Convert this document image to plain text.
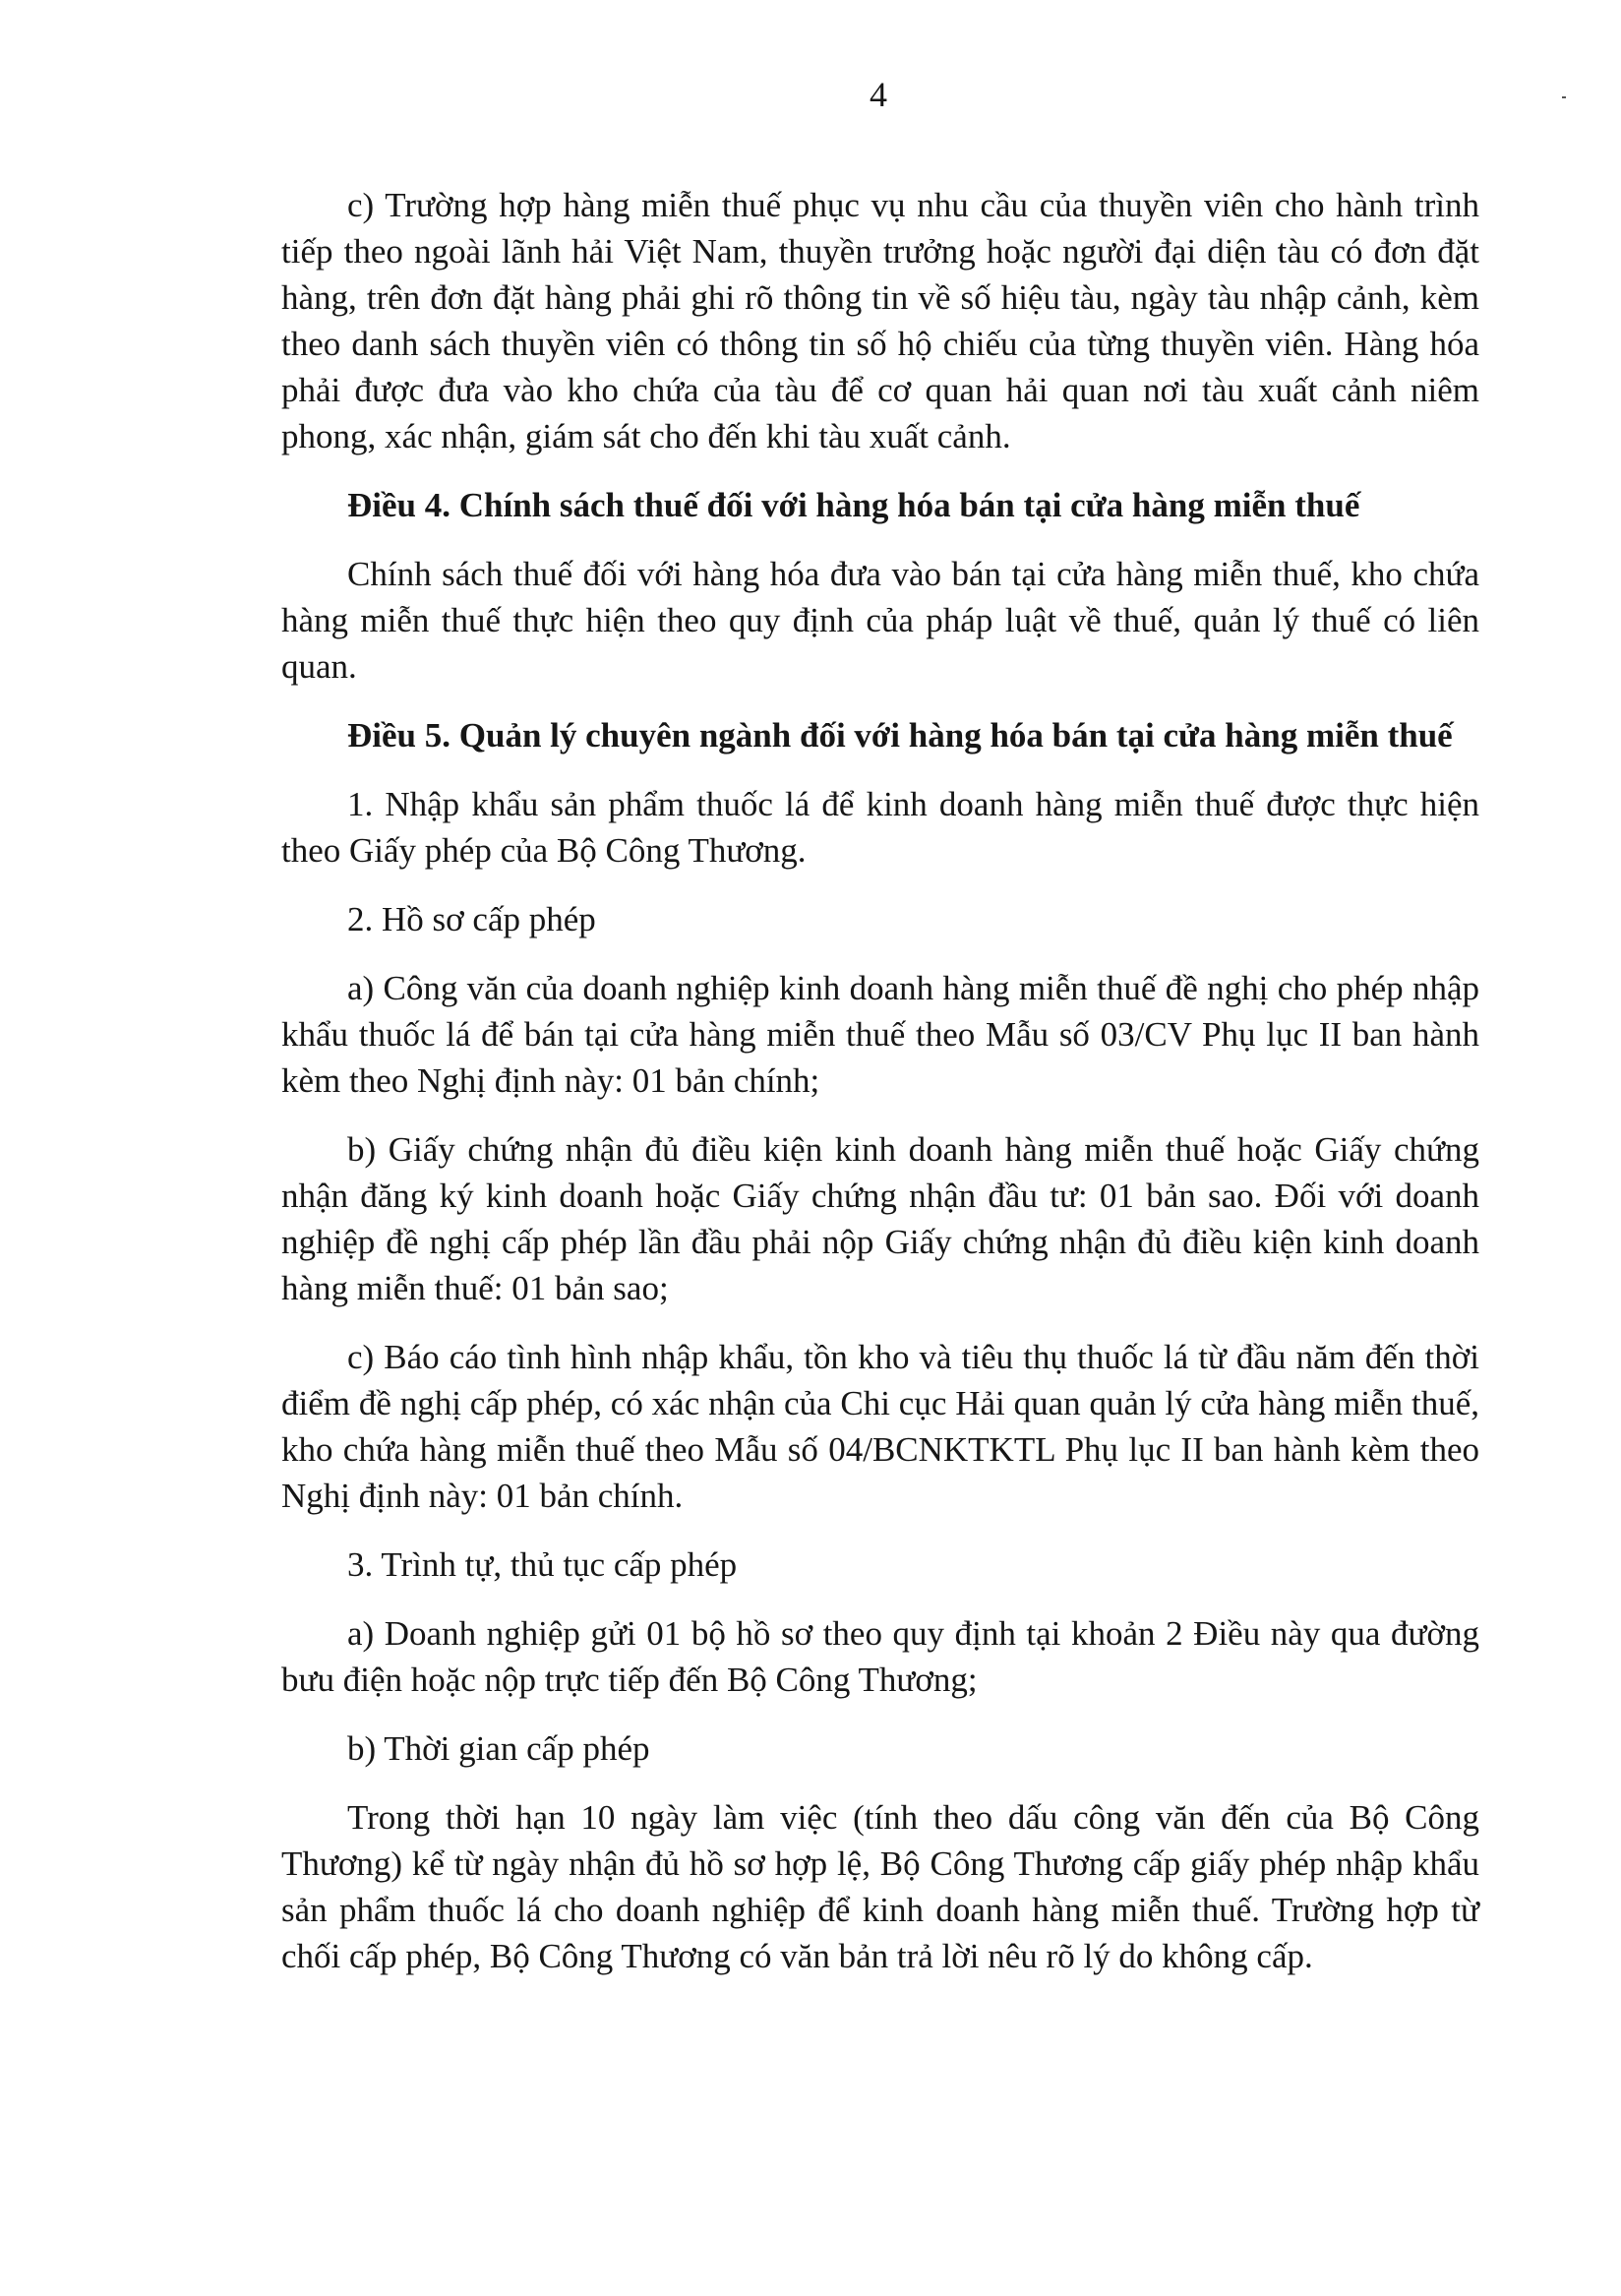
4

c) Trường hợp hàng miễn thuế phục vụ nhu cầu của thuyền viên cho hành trình tiếp theo ngoài lãnh hải Việt Nam, thuyền trưởng hoặc người đại diện tàu có đơn đặt hàng, trên đơn đặt hàng phải ghi rõ thông tin về số hiệu tàu, ngày tàu nhập cảnh, kèm theo danh sách thuyền viên có thông tin số hộ chiếu của từng thuyền viên. Hàng hóa phải được đưa vào kho chứa của tàu để cơ quan hải quan nơi tàu xuất cảnh niêm phong, xác nhận, giám sát cho đến khi tàu xuất cảnh.

Điều 4. Chính sách thuế đối với hàng hóa bán tại cửa hàng miễn thuế

Chính sách thuế đối với hàng hóa đưa vào bán tại cửa hàng miễn thuế, kho chứa hàng miễn thuế thực hiện theo quy định của pháp luật về thuế, quản lý thuế có liên quan.

Điều 5. Quản lý chuyên ngành đối với hàng hóa bán tại cửa hàng miễn thuế

1. Nhập khẩu sản phẩm thuốc lá để kinh doanh hàng miễn thuế được thực hiện theo Giấy phép của Bộ Công Thương.

2. Hồ sơ cấp phép

a) Công văn của doanh nghiệp kinh doanh hàng miễn thuế đề nghị cho phép nhập khẩu thuốc lá để bán tại cửa hàng miễn thuế theo Mẫu số 03/CV Phụ lục II ban hành kèm theo Nghị định này: 01 bản chính;

b) Giấy chứng nhận đủ điều kiện kinh doanh hàng miễn thuế hoặc Giấy chứng nhận đăng ký kinh doanh hoặc Giấy chứng nhận đầu tư: 01 bản sao. Đối với doanh nghiệp đề nghị cấp phép lần đầu phải nộp Giấy chứng nhận đủ điều kiện kinh doanh hàng miễn thuế: 01 bản sao;

c) Báo cáo tình hình nhập khẩu, tồn kho và tiêu thụ thuốc lá từ đầu năm đến thời điểm đề nghị cấp phép, có xác nhận của Chi cục Hải quan quản lý cửa hàng miễn thuế, kho chứa hàng miễn thuế theo Mẫu số 04/BCNKTKTL Phụ lục II ban hành kèm theo Nghị định này: 01 bản chính.

3. Trình tự, thủ tục cấp phép

a) Doanh nghiệp gửi 01 bộ hồ sơ theo quy định tại khoản 2 Điều này qua đường bưu điện hoặc nộp trực tiếp đến Bộ Công Thương;

b) Thời gian cấp phép

Trong thời hạn 10 ngày làm việc (tính theo dấu công văn đến của Bộ Công Thương) kể từ ngày nhận đủ hồ sơ hợp lệ, Bộ Công Thương cấp giấy phép nhập khẩu sản phẩm thuốc lá cho doanh nghiệp để kinh doanh hàng miễn thuế. Trường hợp từ chối cấp phép, Bộ Công Thương có văn bản trả lời nêu rõ lý do không cấp.
